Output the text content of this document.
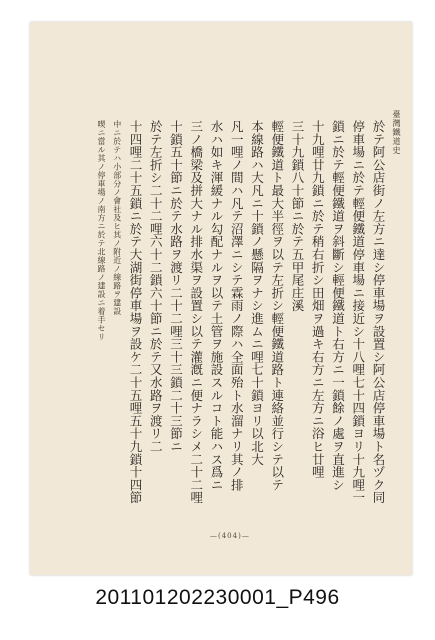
臺灣鐵道史
於テ阿公店街ノ左方ニ達シ停車場ヲ設置シ阿公店停車場ト名ヅク同
停車場ニ於テ輕便鐵道停車場ニ接近シ十八哩七十四鎖ヨリ十九哩一
鎖ニ於テ輕便鐵道ヲ斜斷シ輕便鐵道ト右方ニ一鎖餘ノ處ヲ直進シ
十九哩廿九鎖ニ於テ稍右折シ田畑ヲ過キ右方ニ左方ニ浴ヒ廿哩
三十九鎖八十節ニ於テ五甲尾庄溪
輕便鐵道ト最大半徑ヲ以テ左折シ輕便鐵道路ト連絡並行シテ以テ
本線路ハ大凡ニ十鎖ノ懸隔ヲナシ進ムニ哩七十鎖ヨリ以北大
凡一哩ノ間ハ凡テ沼澤ニシテ霖雨ノ際ハ全面殆ト水溜ナリ其ノ排
水ハ如キ渾緩ナル勾配ナルヲ以テ土管ヲ施設スルコト能ハス爲ニ
三ノ橋梁及拼大ナル排水渠ヲ設置シ以テ灌漑ニ便ナラシメ二十二哩
十鎖五十節ニ於テ水路ヲ渡リ二十二哩三十三鎖二十三節ニ
於テ左折シ二十二哩六十二鎖六十節ニ於テ又水路ヲ渡リ二
十四哩二十五鎖ニ於テ大湖街停車場ヲ設ケ二十五哩五十九鎖十四節
中ニ於テハ小部分ノ會社及ヒ其ノ附近ノ線路ヲ建設
喫ニ當ル其ノ停車場ノ南方ニ於テ北線路ノ建設ニ着手セリ
—(404)—
201101202230001_P496
